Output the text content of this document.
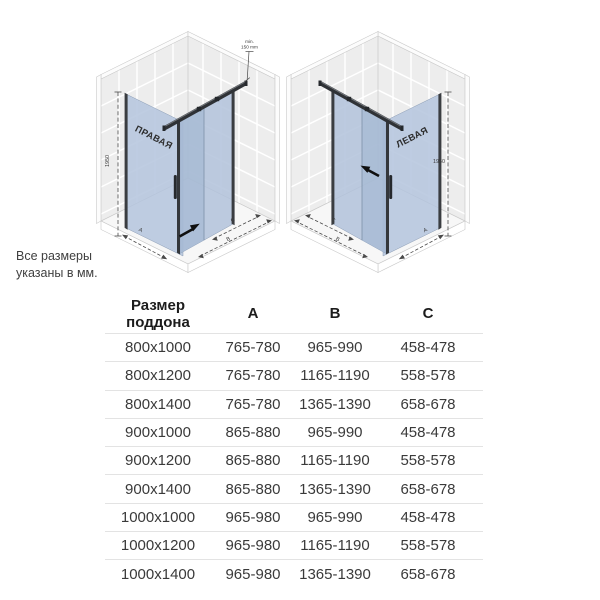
ПРАВАЯ
1950
min.
150 mm
A
C
B
ЛЕВАЯ
1950
A
C
B
Все размеры
указаны в мм.
Размер поддона	A	B	C
800x1000	765-780	965-990	458-478
800x1200	765-780	1165-1190	558-578
800x1400	765-780	1365-1390	658-678
900x1000	865-880	965-990	458-478
900x1200	865-880	1165-1190	558-578
900x1400	865-880	1365-1390	658-678
1000x1000	965-980	965-990	458-478
1000x1200	965-980	1165-1190	558-578
1000x1400	965-980	1365-1390	658-678
